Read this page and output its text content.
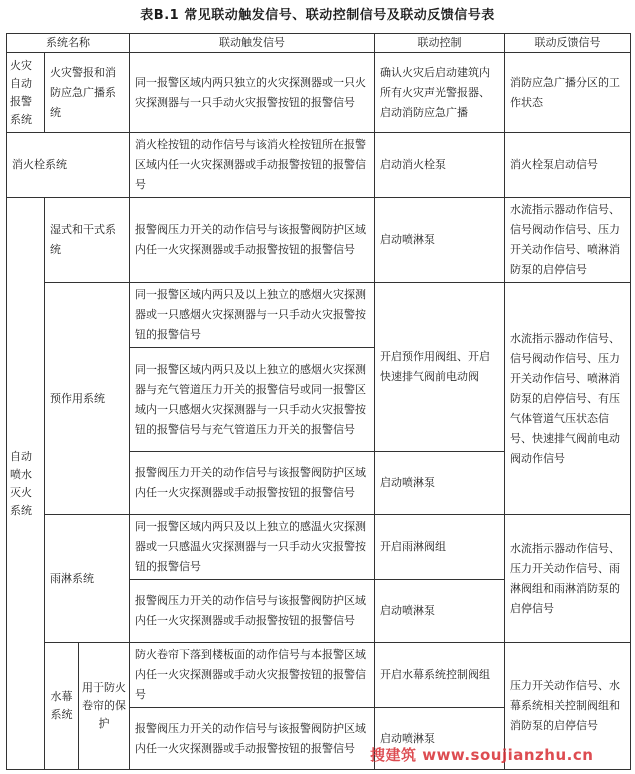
表B.1 常见联动触发信号、联动控制信号及联动反馈信号表
系统名称			联动触发信号	联动控制	联动反馈信号
火灾自动报警系统	火灾警报和消防应急广播系统		同一报警区域内两只独立的火灾探测器或一只火灾探测器与一只手动火灾报警按钮的报警信号	确认火灾后启动建筑内所有火灾声光警报器、启动消防应急广播	消防应急广播分区的工作状态
消火栓系统			消火栓按钮的动作信号与该消火栓按钮所在报警区域内任一火灾探测器或手动报警按钮的报警信号	启动消火栓泵	消火栓泵启动信号
自动喷水灭火系统	湿式和干式系统		报警阀压力开关的动作信号与该报警阀防护区域内任一火灾探测器或手动报警按钮的报警信号	启动喷淋泵	水流指示器动作信号、信号阀动作信号、压力开关动作信号、喷淋消防泵的启停信号
	预作用系统		同一报警区域内两只及以上独立的感烟火灾探测器或一只感烟火灾探测器与一只手动火灾报警按钮的报警信号	开启预作用阀组、开启快速排气阀前电动阀	水流指示器动作信号、信号阀动作信号、压力开关动作信号、喷淋消防泵的启停信号、有压气体管道气压状态信号、快速排气阀前电动阀动作信号
			同一报警区域内两只及以上独立的感烟火灾探测器与充气管道压力开关的报警信号或同一报警区域内一只感烟火灾探测器与一只手动火灾报警按钮的报警信号与充气管道压力开关的报警信号		
			报警阀压力开关的动作信号与该报警阀防护区域内任一火灾探测器或手动报警按钮的报警信号	启动喷淋泵	
	雨淋系统		同一报警区域内两只及以上独立的感温火灾探测器或一只感温火灾探测器与一只手动火灾报警按钮的报警信号	开启雨淋阀组	水流指示器动作信号、压力开关动作信号、雨淋阀组和雨淋消防泵的启停信号
			报警阀压力开关的动作信号与该报警阀防护区域内任一火灾探测器或手动报警按钮的报警信号	启动喷淋泵	
	水幕系统	用于防火卷帘的保护	防火卷帘下落到楼板面的动作信号与本报警区域内任一火灾探测器或手动火灾报警按钮的报警信号	开启水幕系统控制阀组	压力开关动作信号、水幕系统相关控制阀组和消防泵的启停信号
			报警阀压力开关的动作信号与该报警阀防护区域内任一火灾探测器或手动报警按钮的报警信号	启动喷淋泵	
搜建筑 www.soujianzhu.cn
